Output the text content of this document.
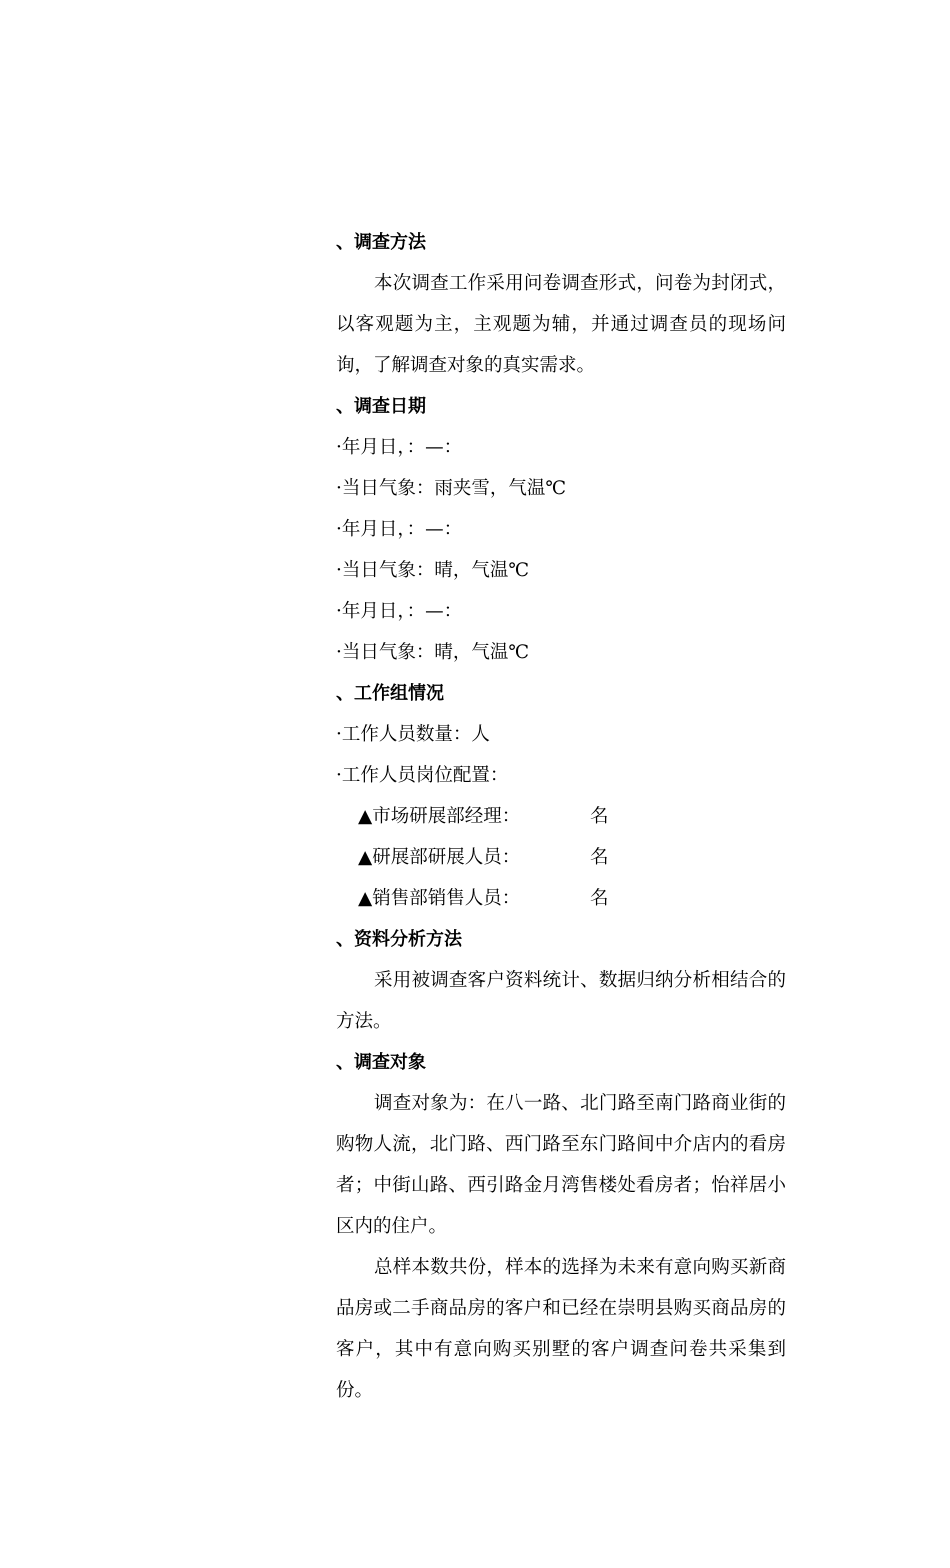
、调查方法
本次调查工作采用问卷调查形式，问卷为封闭式，以客观题为主，主观题为辅，并通过调查员的现场问询，了解调查对象的真实需求。
、调查日期
·年月日，：—：
·当日气象：雨夹雪，气温℃
·年月日，：—：
·当日气象：晴，气温℃
·年月日，：—：
·当日气象：晴，气温℃
、工作组情况
·工作人员数量：人
·工作人员岗位配置：
▲市场研展部经理：	名
▲研展部研展人员：	名
▲销售部销售人员：	名
、资料分析方法
采用被调查客户资料统计、数据归纳分析相结合的方法。
、调查对象
调查对象为：在八一路、北门路至南门路商业街的购物人流，北门路、西门路至东门路间中介店内的看房者；中街山路、西引路金月湾售楼处看房者；怡祥居小区内的住户。
总样本数共份，样本的选择为未来有意向购买新商品房或二手商品房的客户和已经在崇明县购买商品房的客户，其中有意向购买别墅的客户调查问卷共采集到份。
